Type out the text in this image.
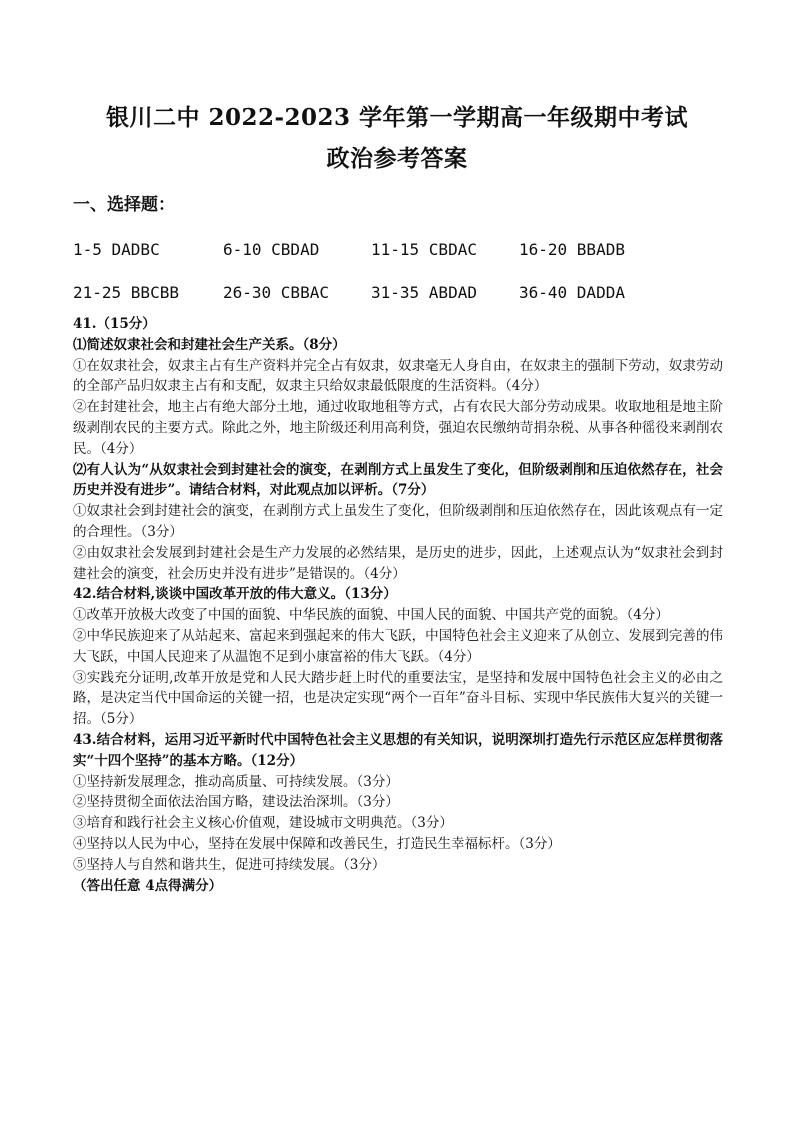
银川二中 2022-2023 学年第一学期高一年级期中考试
政治参考答案
一、选择题：
1-5 DADBC	6-10 CBDAD	11-15 CBDAC	16-20 BBADB
21-25 BBCBB	26-30 CBBAC	31-35 ABDAD	36-40 DADDA

41.（15分）

⑴简述奴隶社会和封建社会生产关系。（8分）

①在奴隶社会，奴隶主占有生产资料并完全占有奴隶，奴隶毫无人身自由，在奴隶主的强制下劳动，奴隶劳动的全部产品归奴隶主占有和支配，奴隶主只给奴隶最低限度的生活资料。（4分）

②在封建社会，地主占有绝大部分土地，通过收取地租等方式，占有农民大部分劳动成果。收取地租是地主阶级剥削农民的主要方式。除此之外，地主阶级还利用高利贷，强迫农民缴纳苛捐杂税、从事各种徭役来剥削农民。（4分）

⑵有人认为“从奴隶社会到封建社会的演变，在剥削方式上虽发生了变化，但阶级剥削和压迫依然存在，社会历史并没有进步”。请结合材料，对此观点加以评析。（7分）

①奴隶社会到封建社会的演变，在剥削方式上虽发生了变化，但阶级剥削和压迫依然存在，因此该观点有一定的合理性。（3分）

②由奴隶社会发展到封建社会是生产力发展的必然结果，是历史的进步，因此，上述观点认为“奴隶社会到封建社会的演变，社会历史并没有进步”是错误的。（4分）

42.结合材料,谈谈中国改革开放的伟大意义。（13分）

①改革开放极大改变了中国的面貌、中华民族的面貌、中国人民的面貌、中国共产党的面貌。（4分）

②中华民族迎来了从站起来、富起来到强起来的伟大飞跃，中国特色社会主义迎来了从创立、发展到完善的伟大飞跃，中国人民迎来了从温饱不足到小康富裕的伟大飞跃。（4分）

③实践充分证明,改革开放是党和人民大踏步赶上时代的重要法宝，是坚持和发展中国特色社会主义的必由之路，是决定当代中国命运的关键一招，也是决定实现“两个一百年”奋斗目标、实现中华民族伟大复兴的关键一招。（5分）

43.结合材料，运用习近平新时代中国特色社会主义思想的有关知识，说明深圳打造先行示范区应怎样贯彻落实“十四个坚持”的基本方略。（12分）

①坚持新发展理念，推动高质量、可持续发展。（3分）

②坚持贯彻全面依法治国方略，建设法治深圳。（3分）

③培育和践行社会主义核心价值观，建设城市文明典范。（3分）

④坚持以人民为中心，坚持在发展中保障和改善民生，打造民生幸福标杆。（3分）

⑤坚持人与自然和谐共生，促进可持续发展。（3分）

（答出任意 4点得满分）
